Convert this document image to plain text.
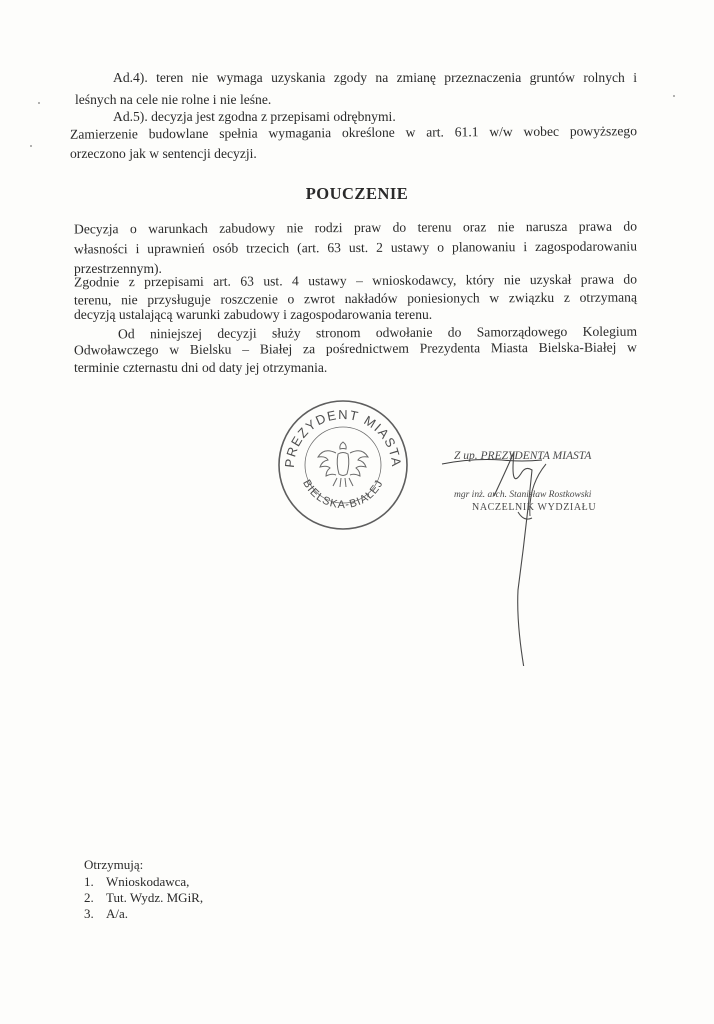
Ad.4). teren nie wymaga uzyskania zgody na zmianę przeznaczenia gruntów rolnych i
leśnych na cele nie rolne i nie leśne.
Ad.5). decyzja jest zgodna z przepisami odrębnymi.
Zamierzenie budowlane spełnia wymagania określone w art. 61.1 w/w wobec powyższego
orzeczono jak w sentencji decyzji.
POUCZENIE
Decyzja o warunkach zabudowy nie rodzi praw do terenu oraz nie narusza prawa do
własności i uprawnień osób trzecich (art. 63 ust. 2 ustawy o planowaniu i zagospodarowaniu
przestrzennym).
Zgodnie z przepisami art. 63 ust. 4 ustawy – wnioskodawcy, który nie uzyskał prawa do
terenu, nie przysługuje roszczenie o zwrot nakładów poniesionych w związku z otrzymaną
decyzją ustalającą warunki zabudowy i zagospodarowania terenu.
Od niniejszej decyzji służy stronom odwołanie do Samorządowego Kolegium
Odwoławczego w Bielsku – Białej za pośrednictwem Prezydenta Miasta Bielska-Białej w
terminie czternastu dni od daty jej otrzymania.
PREZYDENT MIASTA
BIELSKA-BIAŁEJ
Z up. PREZYDENTA MIASTA
mgr inż. arch. Stanisław Rostkowski
NACZELNIK WYDZIAŁU
Otrzymują:
1. Wnioskodawca,
2. Tut. Wydz. MGiR,
3. A/a.
